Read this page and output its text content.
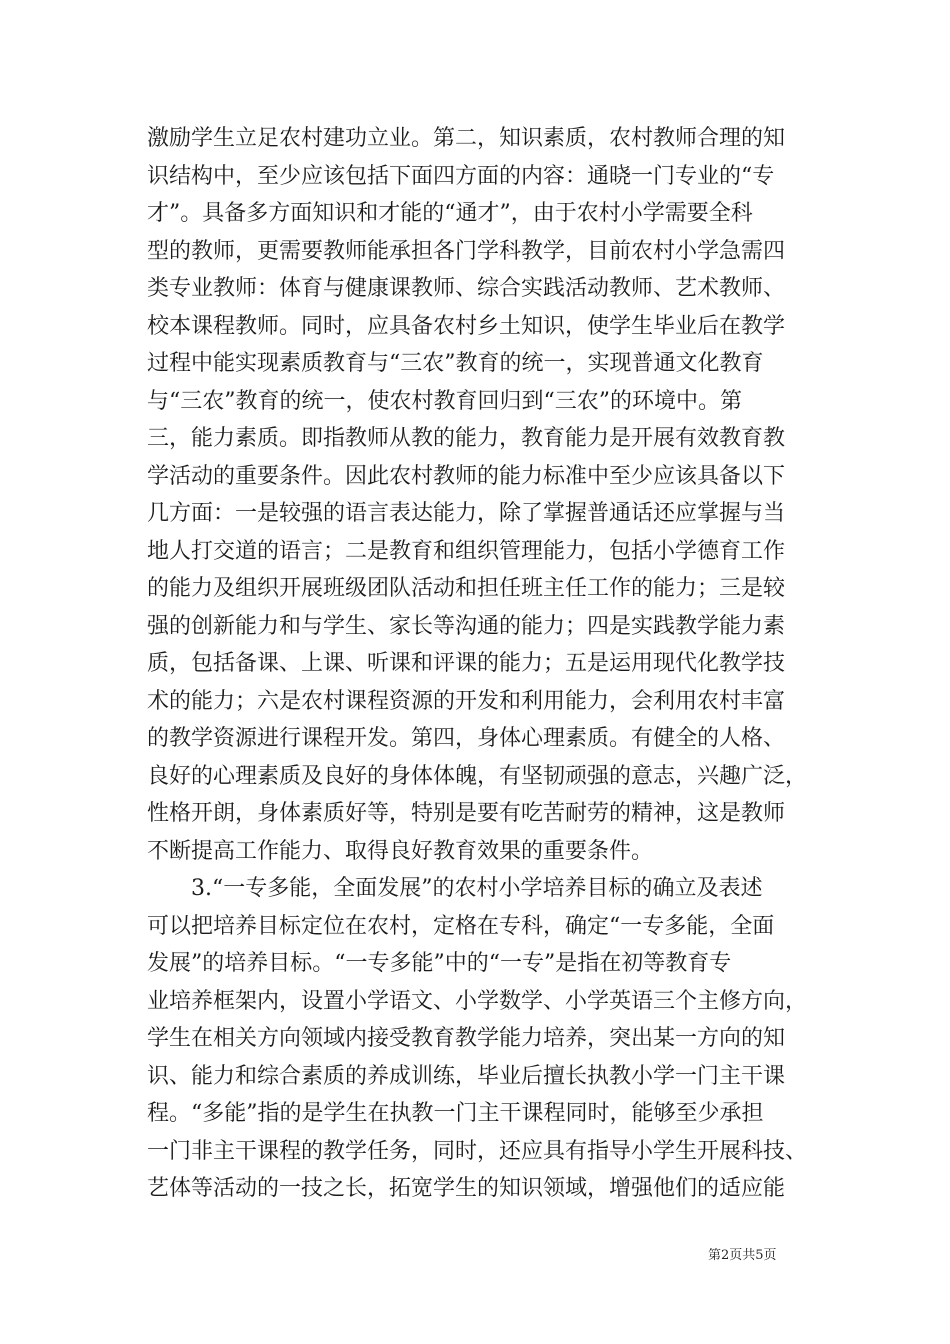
激励学生立足农村建功立业。第二，知识素质，农村教师合理的知
识结构中，至少应该包括下面四方面的内容：通晓一门专业的“专
才”。具备多方面知识和才能的“通才”，由于农村小学需要全科
型的教师，更需要教师能承担各门学科教学，目前农村小学急需四
类专业教师：体育与健康课教师、综合实践活动教师、艺术教师、
校本课程教师。同时，应具备农村乡土知识，使学生毕业后在教学
过程中能实现素质教育与“三农”教育的统一，实现普通文化教育
与“三农”教育的统一，使农村教育回归到“三农”的环境中。第
三，能力素质。即指教师从教的能力，教育能力是开展有效教育教
学活动的重要条件。因此农村教师的能力标准中至少应该具备以下
几方面：一是较强的语言表达能力，除了掌握普通话还应掌握与当
地人打交道的语言；二是教育和组织管理能力，包括小学德育工作
的能力及组织开展班级团队活动和担任班主任工作的能力；三是较
强的创新能力和与学生、家长等沟通的能力；四是实践教学能力素
质，包括备课、上课、听课和评课的能力；五是运用现代化教学技
术的能力；六是农村课程资源的开发和利用能力，会利用农村丰富
的教学资源进行课程开发。第四，身体心理素质。有健全的人格、
良好的心理素质及良好的身体体魄，有坚韧顽强的意志，兴趣广泛，
性格开朗，身体素质好等，特别是要有吃苦耐劳的精神，这是教师
不断提高工作能力、取得良好教育效果的重要条件。
3.“一专多能，全面发展”的农村小学培养目标的确立及表述
可以把培养目标定位在农村，定格在专科，确定“一专多能，全面
发展”的培养目标。“一专多能”中的“一专”是指在初等教育专
业培养框架内，设置小学语文、小学数学、小学英语三个主修方向，
学生在相关方向领域内接受教育教学能力培养，突出某一方向的知
识、能力和综合素质的养成训练，毕业后擅长执教小学一门主干课
程。“多能”指的是学生在执教一门主干课程同时，能够至少承担
一门非主干课程的教学任务，同时，还应具有指导小学生开展科技、
艺体等活动的一技之长，拓宽学生的知识领域，增强他们的适应能
第2页共5页
